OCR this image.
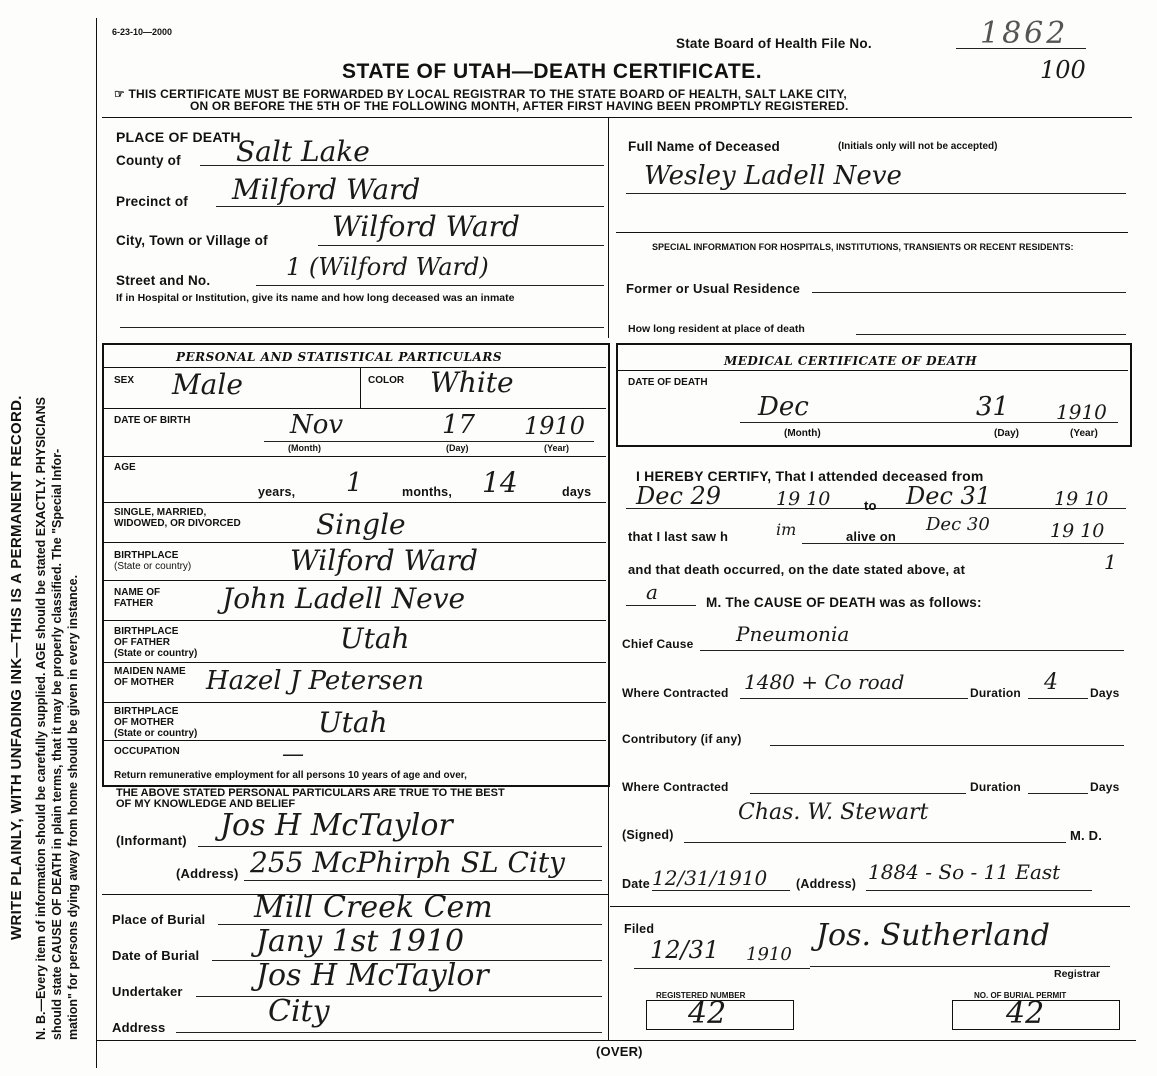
WRITE PLAINLY, WITH UNFADING INK—THIS IS A PERMANENT RECORD. N. B.—Every item of information should be carefully supplied. AGE should be stated EXACTLY. PHYSICIANS should state CAUSE OF DEATH in plain terms, that it may be properly classified. The "Special Infor- mation" for persons dying away from home should be given in every instance.
6-23-10—2000
State Board of Health File No.	1862
100
STATE OF UTAH—DEATH CERTIFICATE.
☞ THIS CERTIFICATE MUST BE FORWARDED BY LOCAL REGISTRAR TO THE STATE BOARD OF HEALTH, SALT LAKE CITY,
ON OR BEFORE THE 5TH OF THE FOLLOWING MONTH, AFTER FIRST HAVING BEEN PROMPTLY REGISTERED.
PLACE OF DEATH
County of Salt Lake
Precinct of Milford Ward
City, Town or Village of Wilford Ward
Street and No.	1 (Wilford Ward)
If in Hospital or Institution, give its name and how long deceased was an inmate
Full Name of Deceased	(Initials only will not be accepted)
Wesley Ladell Neve
SPECIAL INFORMATION FOR HOSPITALS, INSTITUTIONS, TRANSIENTS OR RECENT RESIDENTS:
Former or Usual Residence
How long resident at place of death
PERSONAL AND STATISTICAL PARTICULARS
SEX Male	COLOR White
DATE OF BIRTH	Nov	17 1910
(Month)	(Day)	(Year)
AGE
years, 1	months, 14	days
SINGLE, MARRIED,
WIDOWED, OR DIVORCED	Single
BIRTHPLACE
(State or country)	Wilford Ward
NAME OF
FATHER John Ladell Neve
BIRTHPLACE
OF FATHER
(State or country)	Utah
MAIDEN NAME
OF MOTHER Hazel J Petersen
BIRTHPLACE
OF MOTHER
(State or country)	Utah
OCCUPATION	—
Return remunerative employment for all persons 10 years of age and over,
THE ABOVE STATED PERSONAL PARTICULARS ARE TRUE TO THE BEST
OF MY KNOWLEDGE AND BELIEF
(Informant) Jos H McTaylor
(Address) 255 McPhirph SL City
Place of Burial Mill Creek Cem
Date of Burial Jany 1st 1910
Undertaker Jos H McTaylor
Address	City
MEDICAL CERTIFICATE OF DEATH
DATE OF DEATH
Dec	31 1910
(Month)	(Day)	(Year)
I HEREBY CERTIFY, That I attended deceased from
Dec 29	19 10	to Dec 31	19 10
that I last saw h	im	alive on
Dec 30	19 10
and that death occurred, on the date stated above, at	1
a	M. The CAUSE OF DEATH was as follows:
Chief Cause Pneumonia
Where Contracted 1480 + Co road	Duration 4	Days
Contributory (if any)
Where Contracted	Duration	Days
(Signed)
Chas. W. Stewart
M. D.
Date 12/31/1910 (Address) 1884 - So - 11 East
Filed
12/31 1910
Jos. Sutherland
Registrar
REGISTERED NUMBER
42
NO. OF BURIAL PERMIT
42
(OVER)
